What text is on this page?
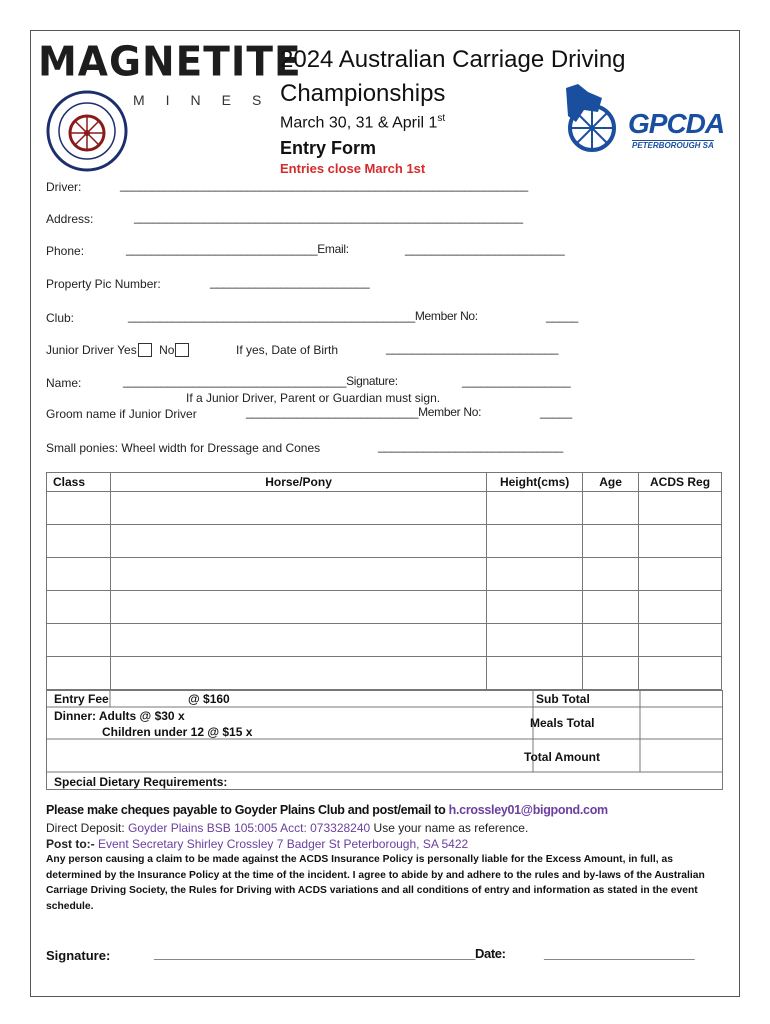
MAGNETITE
MINES
2024 Australian Carriage Driving
Championships
March 30, 31 & April 1st
Entry Form
Entries close March 1st
GPCDA
PETERBOROUGH SA
Driver:	________________________________________________________________
Address:	_____________________________________________________________
Phone:	______________________________Email:	_________________________
Property Pic Number:	_________________________
Club:	_____________________________________________Member No:	_____
Junior Driver Yes No	If yes, Date of Birth	___________________________
Name:	___________________________________Signature:	_________________
If a Junior Driver, Parent or Guardian must sign.
Groom name if Junior Driver	___________________________Member No:	_____
Small ponies: Wheel width for Dressage and Cones	_____________________________
Class	Horse/Pony	Height(cms)	Age	ACDS Reg

Entry Fee	@ $160	Sub Total
Dinner: Adults @ $30 x
Children under 12 @ $15 x
Meals Total
Total Amount
Special Dietary Requirements:
Please make cheques payable to Goyder Plains Club and post/email to h.crossley01@bigpond.com
Direct Deposit: Goyder Plains BSB 105:005 Acct: 073328240 Use your name as reference.
Post to:- Event Secretary Shirley Crossley 7 Badger St Peterborough, SA 5422
Any person causing a claim to be made against the ACDS Insurance Policy is personally liable for the Excess Amount, in full, as determined by the Insurance Policy at the time of the incident. I agree to abide by and adhere to the rules and by-laws of the Australian Carriage Driving Society, the Rules for Driving with ACDS variations and all conditions of entry and information as stated in the event schedule.
Signature:	_______________________________________________Date:	______________________
